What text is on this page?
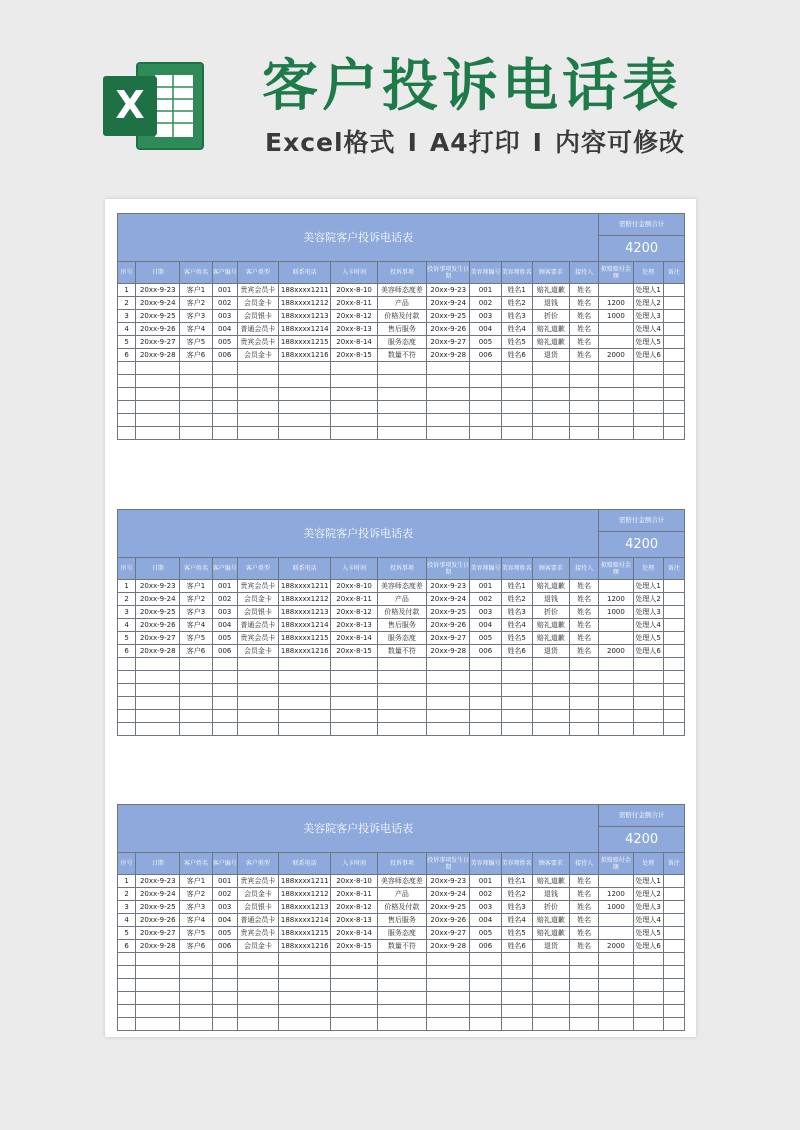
X 客户投诉电话表
Excel格式 I A4打印 I 内容可修改
美容院客户投诉电话表													需赔付金额合计		
													4200		
序号	日期	客户姓名	客户编号	客户类型	联系电话	入卡时间	投诉事项	投诉事项发生日期	美容师编号	美容师姓名	顾客要求	接待人	拟赔赔付金额	处理	备注
1	20xx-9-23	客户1	001	贵宾会员卡	188xxxx1211	20xx-8-10	美容师态度差	20xx-9-23	001	姓名1	赔礼道歉	姓名		处理人1	
2	20xx-9-24	客户2	002	会员金卡	188xxxx1212	20xx-8-11	产品	20xx-9-24	002	姓名2	退钱	姓名	1200	处理人2	
3	20xx-9-25	客户3	003	会员银卡	188xxxx1213	20xx-8-12	价格及付款	20xx-9-25	003	姓名3	折价	姓名	1000	处理人3	
4	20xx-9-26	客户4	004	普通会员卡	188xxxx1214	20xx-8-13	售后服务	20xx-9-26	004	姓名4	赔礼道歉	姓名		处理人4	
5	20xx-9-27	客户5	005	贵宾会员卡	188xxxx1215	20xx-8-14	服务态度	20xx-9-27	005	姓名5	赔礼道歉	姓名		处理人5	
6	20xx-9-28	客户6	006	会员金卡	188xxxx1216	20xx-8-15	数量不符	20xx-9-28	006	姓名6	退货	姓名	2000	处理人6	

美容院客户投诉电话表													需赔付金额合计		
													4200		
序号	日期	客户姓名	客户编号	客户类型	联系电话	入卡时间	投诉事项	投诉事项发生日期	美容师编号	美容师姓名	顾客要求	接待人	拟赔赔付金额	处理	备注
1	20xx-9-23	客户1	001	贵宾会员卡	188xxxx1211	20xx-8-10	美容师态度差	20xx-9-23	001	姓名1	赔礼道歉	姓名		处理人1	
2	20xx-9-24	客户2	002	会员金卡	188xxxx1212	20xx-8-11	产品	20xx-9-24	002	姓名2	退钱	姓名	1200	处理人2	
3	20xx-9-25	客户3	003	会员银卡	188xxxx1213	20xx-8-12	价格及付款	20xx-9-25	003	姓名3	折价	姓名	1000	处理人3	
4	20xx-9-26	客户4	004	普通会员卡	188xxxx1214	20xx-8-13	售后服务	20xx-9-26	004	姓名4	赔礼道歉	姓名		处理人4	
5	20xx-9-27	客户5	005	贵宾会员卡	188xxxx1215	20xx-8-14	服务态度	20xx-9-27	005	姓名5	赔礼道歉	姓名		处理人5	
6	20xx-9-28	客户6	006	会员金卡	188xxxx1216	20xx-8-15	数量不符	20xx-9-28	006	姓名6	退货	姓名	2000	处理人6	

美容院客户投诉电话表													需赔付金额合计		
													4200		
序号	日期	客户姓名	客户编号	客户类型	联系电话	入卡时间	投诉事项	投诉事项发生日期	美容师编号	美容师姓名	顾客要求	接待人	拟赔赔付金额	处理	备注
1	20xx-9-23	客户1	001	贵宾会员卡	188xxxx1211	20xx-8-10	美容师态度差	20xx-9-23	001	姓名1	赔礼道歉	姓名		处理人1	
2	20xx-9-24	客户2	002	会员金卡	188xxxx1212	20xx-8-11	产品	20xx-9-24	002	姓名2	退钱	姓名	1200	处理人2	
3	20xx-9-25	客户3	003	会员银卡	188xxxx1213	20xx-8-12	价格及付款	20xx-9-25	003	姓名3	折价	姓名	1000	处理人3	
4	20xx-9-26	客户4	004	普通会员卡	188xxxx1214	20xx-8-13	售后服务	20xx-9-26	004	姓名4	赔礼道歉	姓名		处理人4	
5	20xx-9-27	客户5	005	贵宾会员卡	188xxxx1215	20xx-8-14	服务态度	20xx-9-27	005	姓名5	赔礼道歉	姓名		处理人5	
6	20xx-9-28	客户6	006	会员金卡	188xxxx1216	20xx-8-15	数量不符	20xx-9-28	006	姓名6	退货	姓名	2000	处理人6	
